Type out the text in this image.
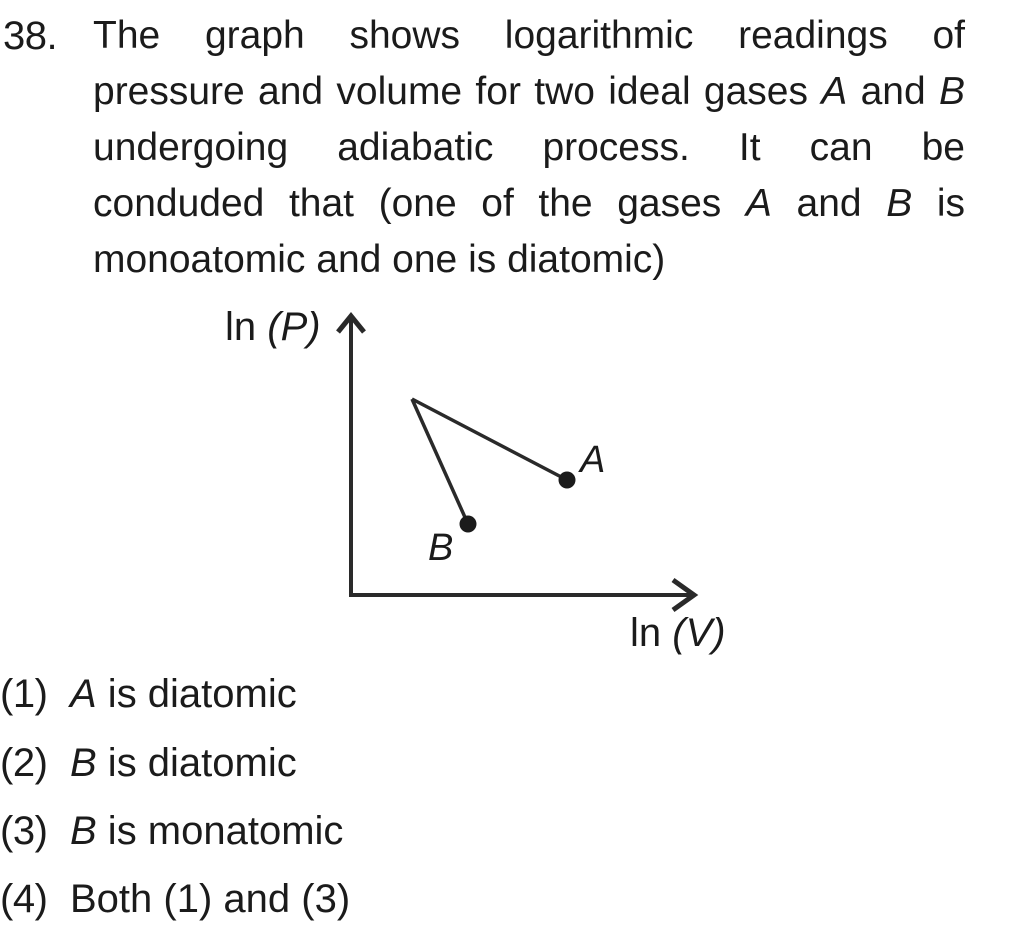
38. The graph shows logarithmic readings of
pressure and volume for two ideal gases A and B
undergoing adiabatic process. It can be
conduded that (one of the gases A and B is
monoatomic and one is diatomic)
ln (P)
ln (V)
A
B
(1) A is diatomic
(2) B is diatomic
(3) B is monatomic
(4) Both (1) and (3)
